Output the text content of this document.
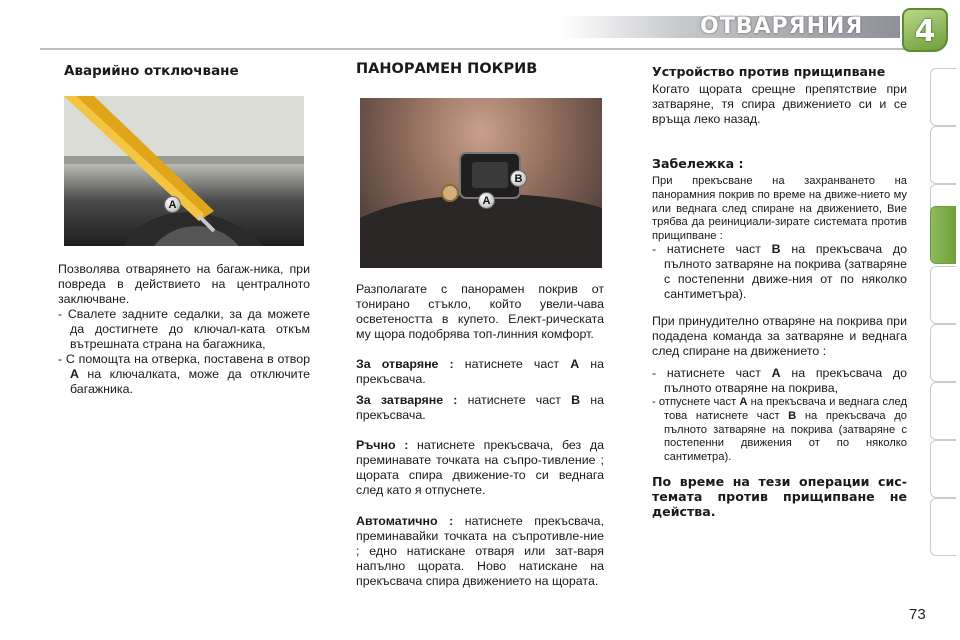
ОТВАРЯНИЯ	4
Аварийно отключване
A
Позволява отварянето на багаж-ника, при повреда в действието на централното заключване.
- Свалете задните седалки, за да можете да достигнете до ключал-ката откъм вътрешната страна на багажника,
- С помощта на отверка, поставена в отвор A на ключалката, може да отключите багажника.
ПАНОРАМЕН ПОКРИВ
A
B
Разполагате с панорамен покрив от тонирано стъкло, който увели-чава осветеността в купето. Елект-рическата му щора подобрява топ-линния комфорт.
За отваряне : натиснете част A на прекъсвача.
За затваряне : натиснете част B на прекъсвача.
Ръчно : натиснете прекъсвача, без да преминавате точката на съпро-тивление ; щората спира движение-то си веднага след като я отпуснете.
Автоматично : натиснете прекъсвача, преминавайки точката на съпротивле-ние ; едно натискане отваря или зат-варя напълно щората. Ново натискане на прекъсвача спира движението на щората.
Устройство против прищипване
Когато щората срещне препятствие при затваряне, тя спира движението си и се връща леко назад.
Забележка :
При прекъсване на захранването на панорамния покрив по време на движе-нието му или веднага след спиране на движението, Вие трябва да реинициали-зирате системата против прищипване :
- натиснете част B на прекъсвача до пълното затваряне на покрива (затваряне с постепенни движе-ния от по няколко сантиметъра).
При принудително отваряне на покрива при подадена команда за затваряне и веднага след спиране на движението :
- натиснете част A на прекъсвача до пълното отваряне на покрива,
- отпуснете част A на прекъсвача и веднага след това натиснете част B на прекъсвача до пълното затваряне на покрива (затваряне с постепенни движения от по няколко сантиметра).
По време на тези операции сис-темата против прищипване не действа.
73
